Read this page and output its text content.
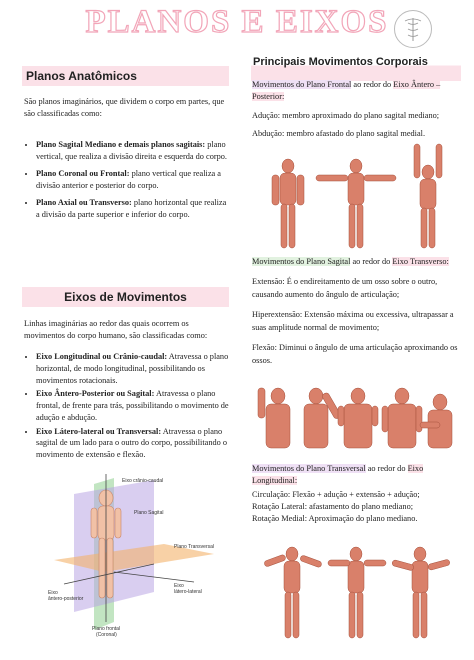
PLANOS E EIXOS
Planos Anatômicos

São planos imaginários, que dividem o corpo em partes, que são classificadas como:

• Plano Sagital Mediano e demais planos sagitais: plano vertical, que realiza a divisão direita e esquerda do corpo.
• Plano Coronal ou Frontal: plano vertical que realiza a divisão anterior e posterior do corpo.
• Plano Axial ou Transverso: plano horizontal que realiza a divisão da parte superior e inferior do corpo.
Eixos de Movimentos

Linhas imaginárias ao redor das quais ocorrem os movimentos do corpo humano, são classificadas como:

• Eixo Longitudinal ou Crânio-caudal: Atravessa o plano horizontal, de modo longitudinal, possibilitando os movimentos rotacionais.
• Eixo Ântero-Posterior ou Sagital: Atravessa o plano frontal, de frente para trás, possibilitando o movimento de adução e abdução.
• Eixo Látero-lateral ou Transversal: Atravessa o plano sagital de um lado para o outro do corpo, possibilitando o movimento de extensão e flexão.
Eixo crânio-caudal
Plano Sagital
Plano Transversal
Eixo
ântero-posterior
Eixo
látero-lateral
Plano frontal
(Coronal)
Principais Movimentos Corporais

Movimentos do Plano Frontal ao redor do Eixo Ântero – Posterior:

Adução: membro aproximado do plano sagital mediano;

Abdução: membro afastado do plano sagital medial.

Movimentos do Plano Sagital ao redor do Eixo Transverso:

Extensão: É o endireitamento de um osso sobre o outro, causando aumento do ângulo de articulação;

Hiperextensão: Extensão máxima ou excessiva, ultrapassar a suas amplitude normal de movimento;

Flexão: Diminui o ângulo de uma articulação aproximando os ossos.

Movimentos do Plano Transversal ao redor do Eixo Longitudinal:

Circulação: Flexão + adução + extensão + adução;

Rotação Lateral: afastamento do plano mediano;

Rotação Medial: Aproximação do plano mediano.
